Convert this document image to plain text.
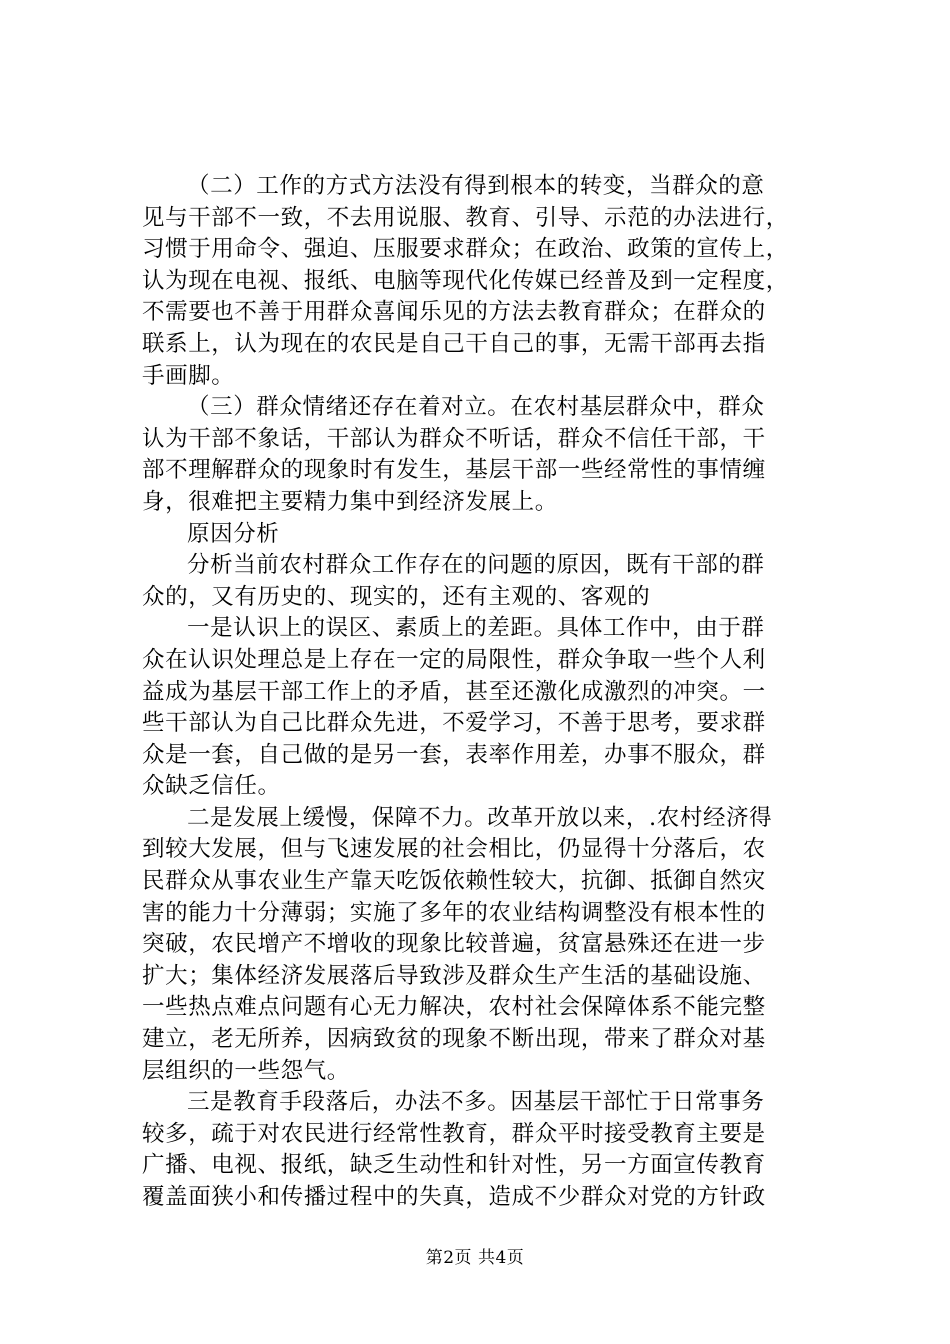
（二）工作的方式方法没有得到根本的转变，当群众的意
见与干部不一致，不去用说服、教育、引导、示范的办法进行，
习惯于用命令、强迫、压服要求群众；在政治、政策的宣传上，
认为现在电视、报纸、电脑等现代化传媒已经普及到一定程度，
不需要也不善于用群众喜闻乐见的方法去教育群众；在群众的
联系上，认为现在的农民是自己干自己的事，无需干部再去指
手画脚。
（三）群众情绪还存在着对立。在农村基层群众中，群众
认为干部不象话，干部认为群众不听话，群众不信任干部，干
部不理解群众的现象时有发生，基层干部一些经常性的事情缠
身，很难把主要精力集中到经济发展上。
原因分析
分析当前农村群众工作存在的问题的原因，既有干部的群
众的，又有历史的、现实的，还有主观的、客观的
一是认识上的误区、素质上的差距。具体工作中，由于群
众在认识处理总是上存在一定的局限性，群众争取一些个人利
益成为基层干部工作上的矛盾，甚至还激化成激烈的冲突。一
些干部认为自己比群众先进，不爱学习，不善于思考，要求群
众是一套，自己做的是另一套，表率作用差，办事不服众，群
众缺乏信任。
二是发展上缓慢，保障不力。改革开放以来，.农村经济得
到较大发展，但与飞速发展的社会相比，仍显得十分落后，农
民群众从事农业生产靠天吃饭依赖性较大，抗御、抵御自然灾
害的能力十分薄弱；实施了多年的农业结构调整没有根本性的
突破，农民增产不增收的现象比较普遍，贫富悬殊还在进一步
扩大；集体经济发展落后导致涉及群众生产生活的基础设施、
一些热点难点问题有心无力解决，农村社会保障体系不能完整
建立，老无所养，因病致贫的现象不断出现，带来了群众对基
层组织的一些怨气。
三是教育手段落后，办法不多。因基层干部忙于日常事务
较多，疏于对农民进行经常性教育，群众平时接受教育主要是
广播、电视、报纸，缺乏生动性和针对性，另一方面宣传教育
覆盖面狭小和传播过程中的失真，造成不少群众对党的方针政
第2页 共4页
